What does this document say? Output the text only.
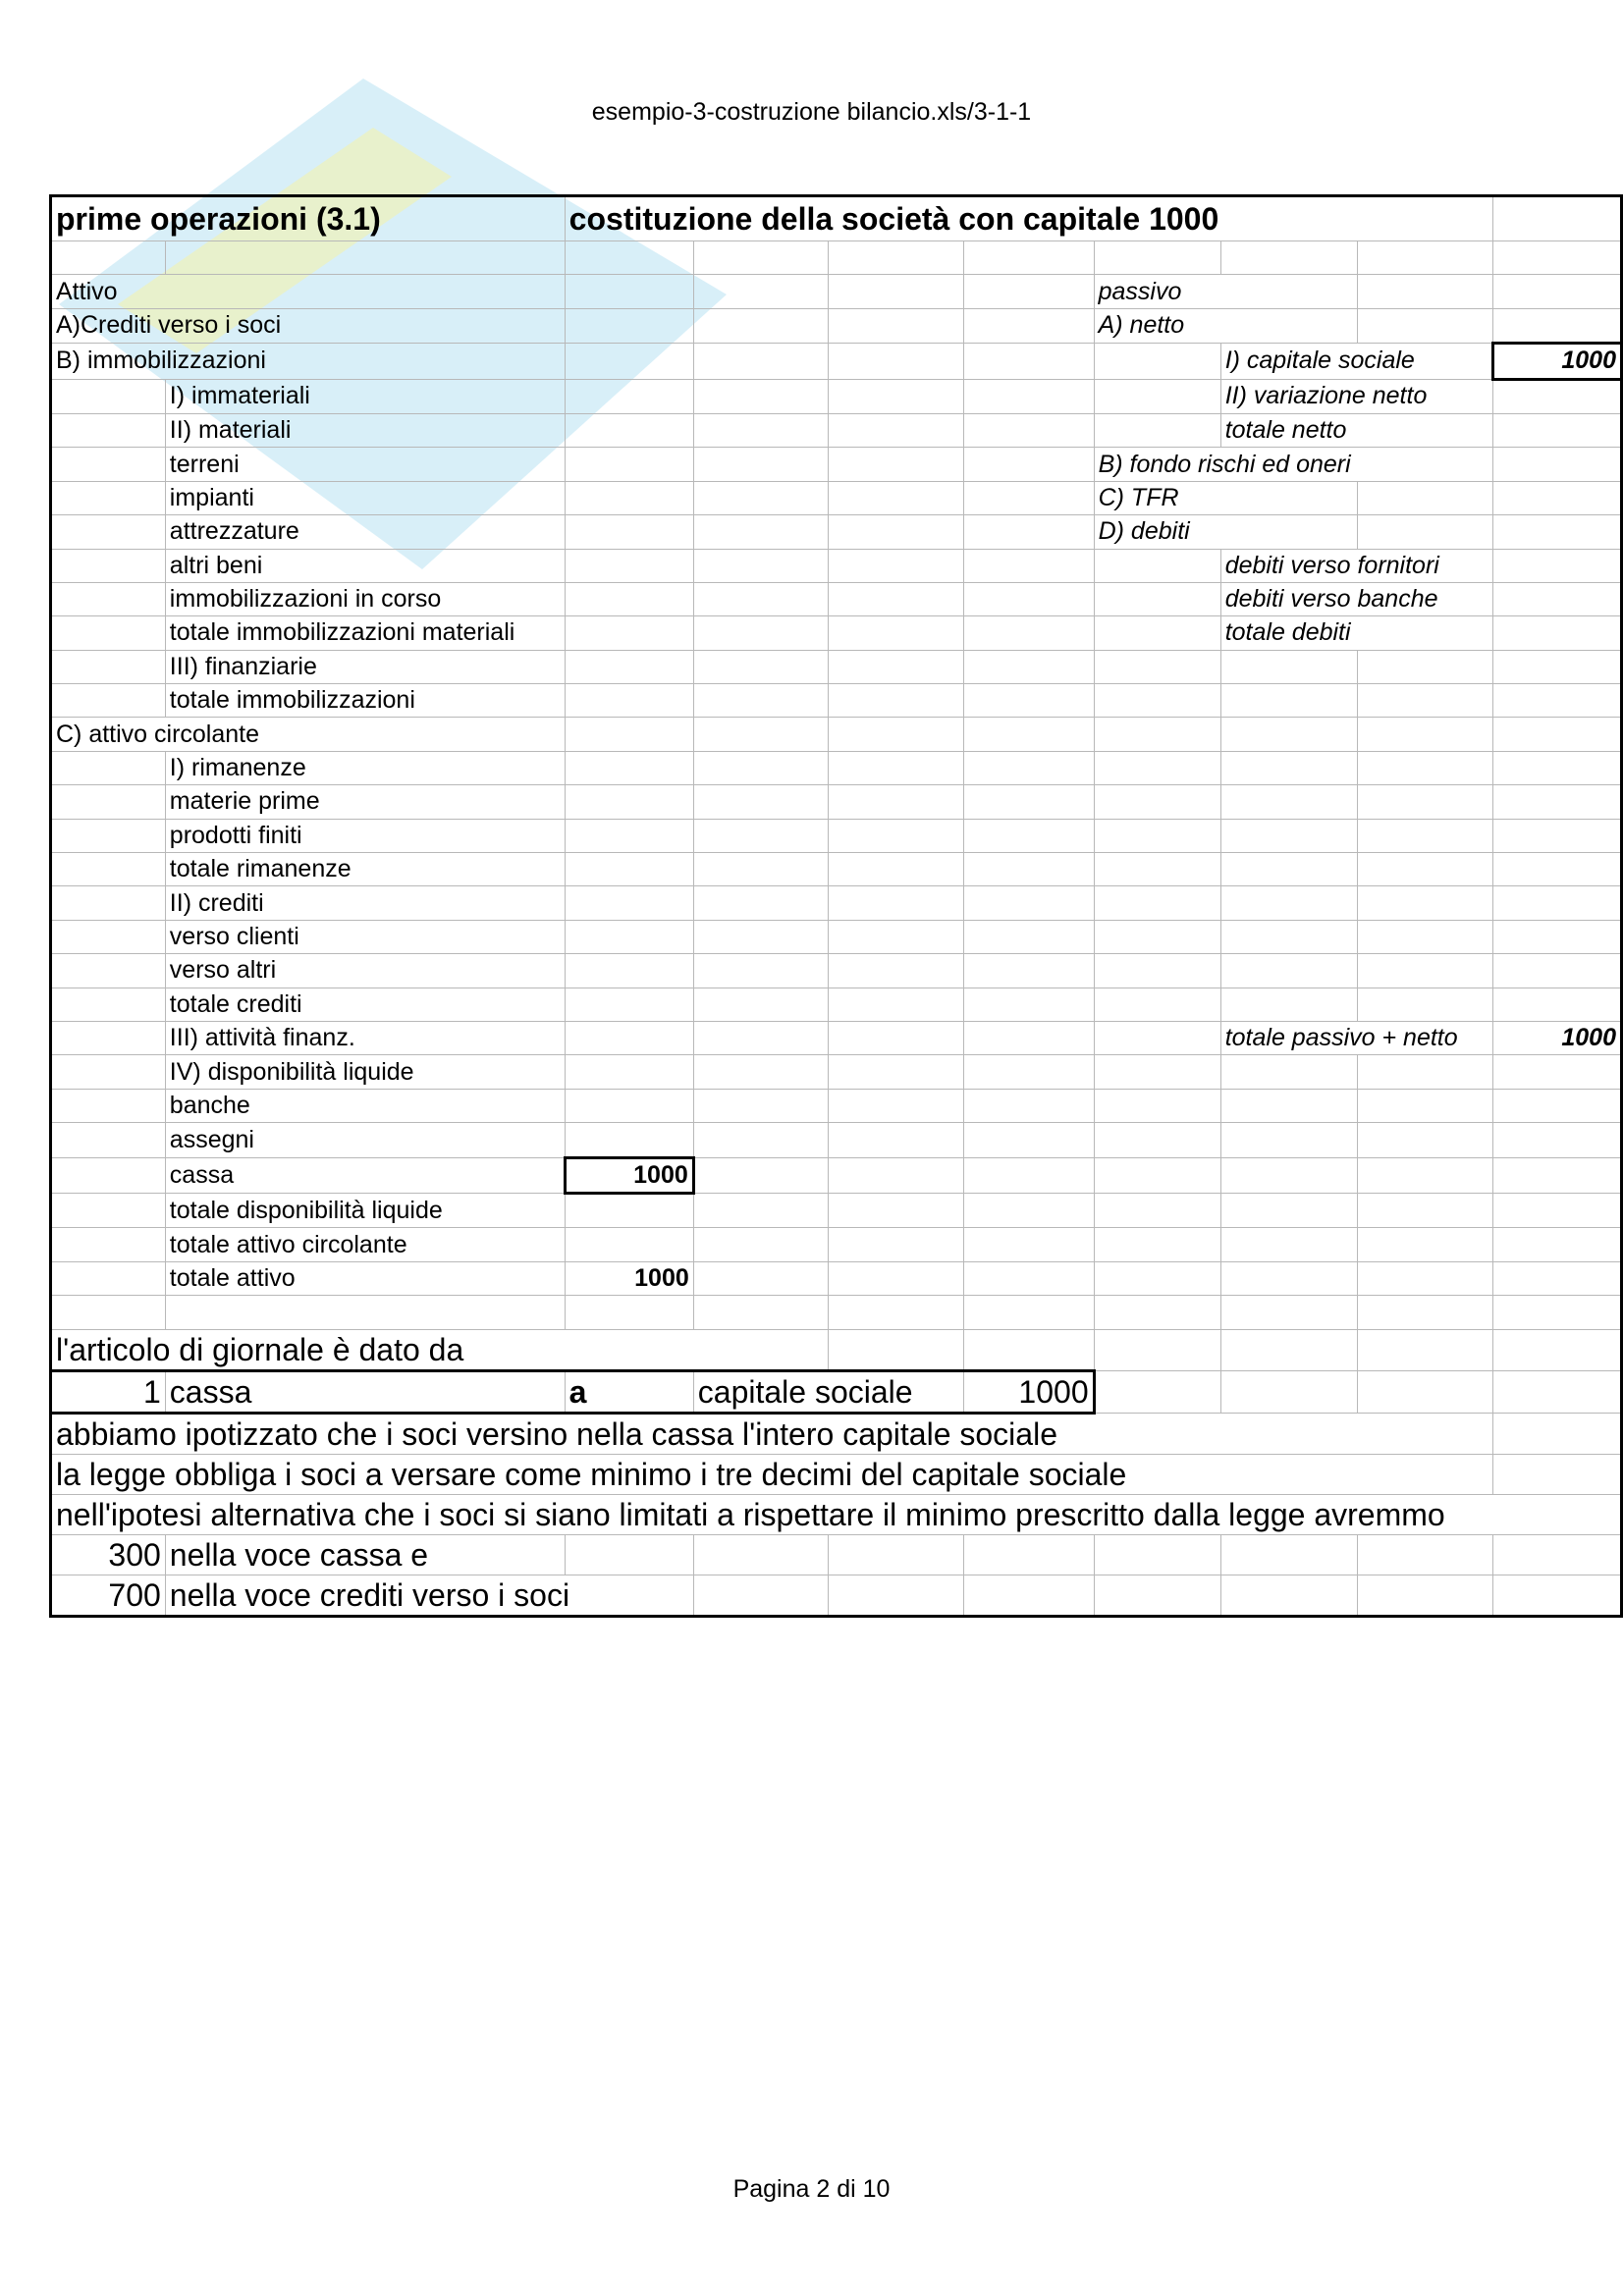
esempio-3-costruzione bilancio.xls/3-1-1
prime operazioni (3.1)		costituzione della società con capitale 1000							

Attivo						passivo			
A)Crediti verso i soci						A) netto			
B) immobilizzazioni							I) capitale sociale		1000
	I) immateriali						II) variazione netto		
	II) materiali						totale netto		
	terreni					B) fondo rischi ed oneri			
	impianti					C) TFR			
	attrezzature					D) debiti			
	altri beni						debiti verso fornitori		
	immobilizzazioni in corso						debiti verso banche		
	totale immobilizzazioni materiali						totale debiti		
	III) finanziarie								
	totale immobilizzazioni								
C) attivo circolante									
	I) rimanenze								
	materie prime								
	prodotti finiti								
	totale rimanenze								
	II) crediti								
	verso clienti								
	verso altri								
	totale crediti								
	III) attività finanz.						totale passivo + netto		1000
	IV) disponibilità liquide								
	banche								
	assegni								
	cassa	1000							
	totale disponibilità liquide								
	totale attivo circolante								
	totale attivo	1000							

l'articolo di giornale è dato da									
1	cassa	a	capitale sociale		1000				
abbiamo ipotizzato che i soci versino nella cassa l'intero capitale sociale									
la legge obbliga i soci a versare come minimo i tre decimi del capitale sociale									
nell'ipotesi alternativa che i soci si siano limitati a rispettare il minimo prescritto dalla legge avremmo									
300	nella voce cassa e								
700	nella voce crediti verso i soci								
Pagina 2 di 10
